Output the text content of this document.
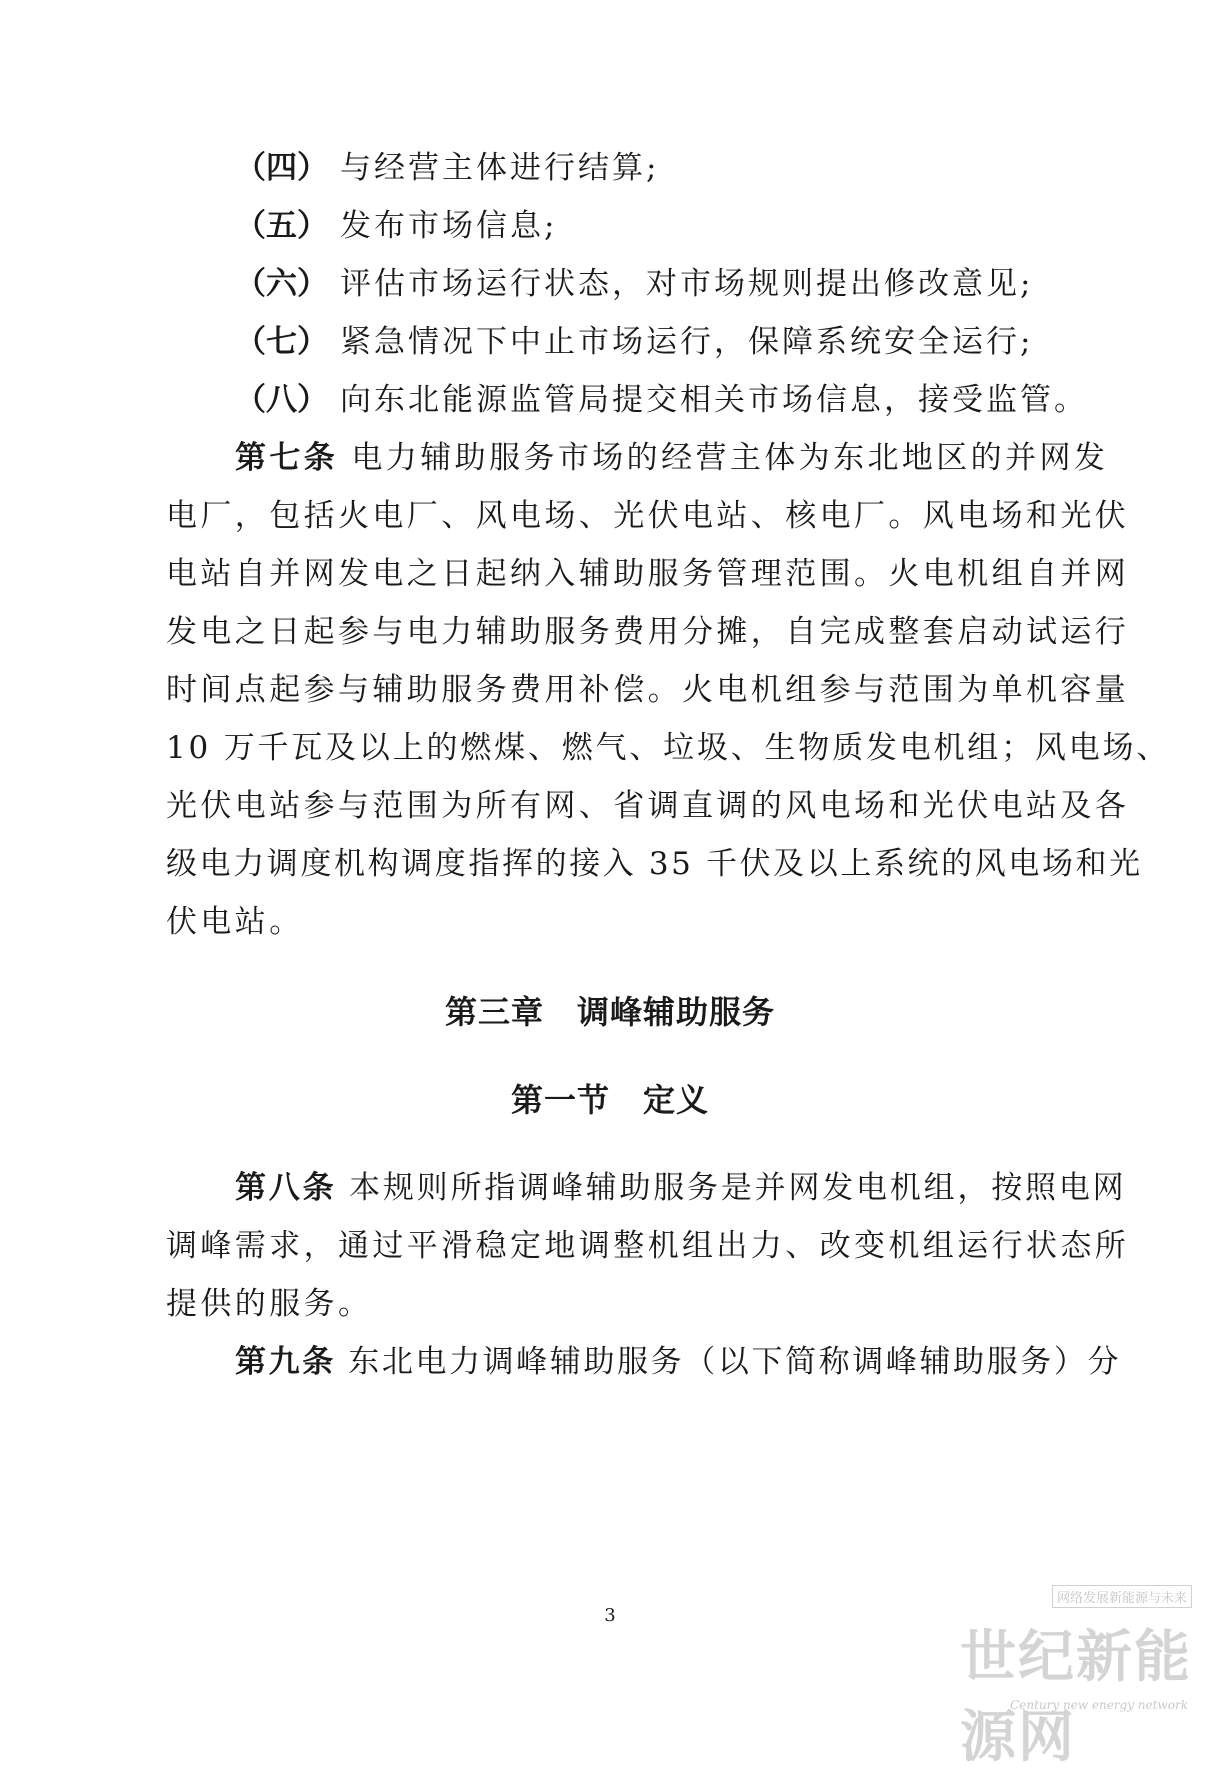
（四） 与经营主体进行结算;
（五） 发布市场信息;
（六） 评估市场运行状态，对市场规则提出修改意见;
（七） 紧急情况下中止市场运行，保障系统安全运行;
（八） 向东北能源监管局提交相关市场信息，接受监管。
第七条 电力辅助服务市场的经营主体为东北地区的并网发
电厂，包括火电厂、风电场、光伏电站、核电厂。风电场和光伏
电站自并网发电之日起纳入辅助服务管理范围。火电机组自并网
发电之日起参与电力辅助服务费用分摊，自完成整套启动试运行
时间点起参与辅助服务费用补偿。火电机组参与范围为单机容量
10 万千瓦及以上的燃煤、燃气、垃圾、生物质发电机组；风电场、
光伏电站参与范围为所有网、省调直调的风电场和光伏电站及各
级电力调度机构调度指挥的接入 35 千伏及以上系统的风电场和光
伏电站。
第三章　调峰辅助服务
第一节　定义
第八条 本规则所指调峰辅助服务是并网发电机组，按照电网
调峰需求，通过平滑稳定地调整机组出力、改变机组运行状态所
提供的服务。
第九条 东北电力调峰辅助服务（以下简称调峰辅助服务）分
3
网络发展新能源与未来
世纪新能源网
Century new energy network
